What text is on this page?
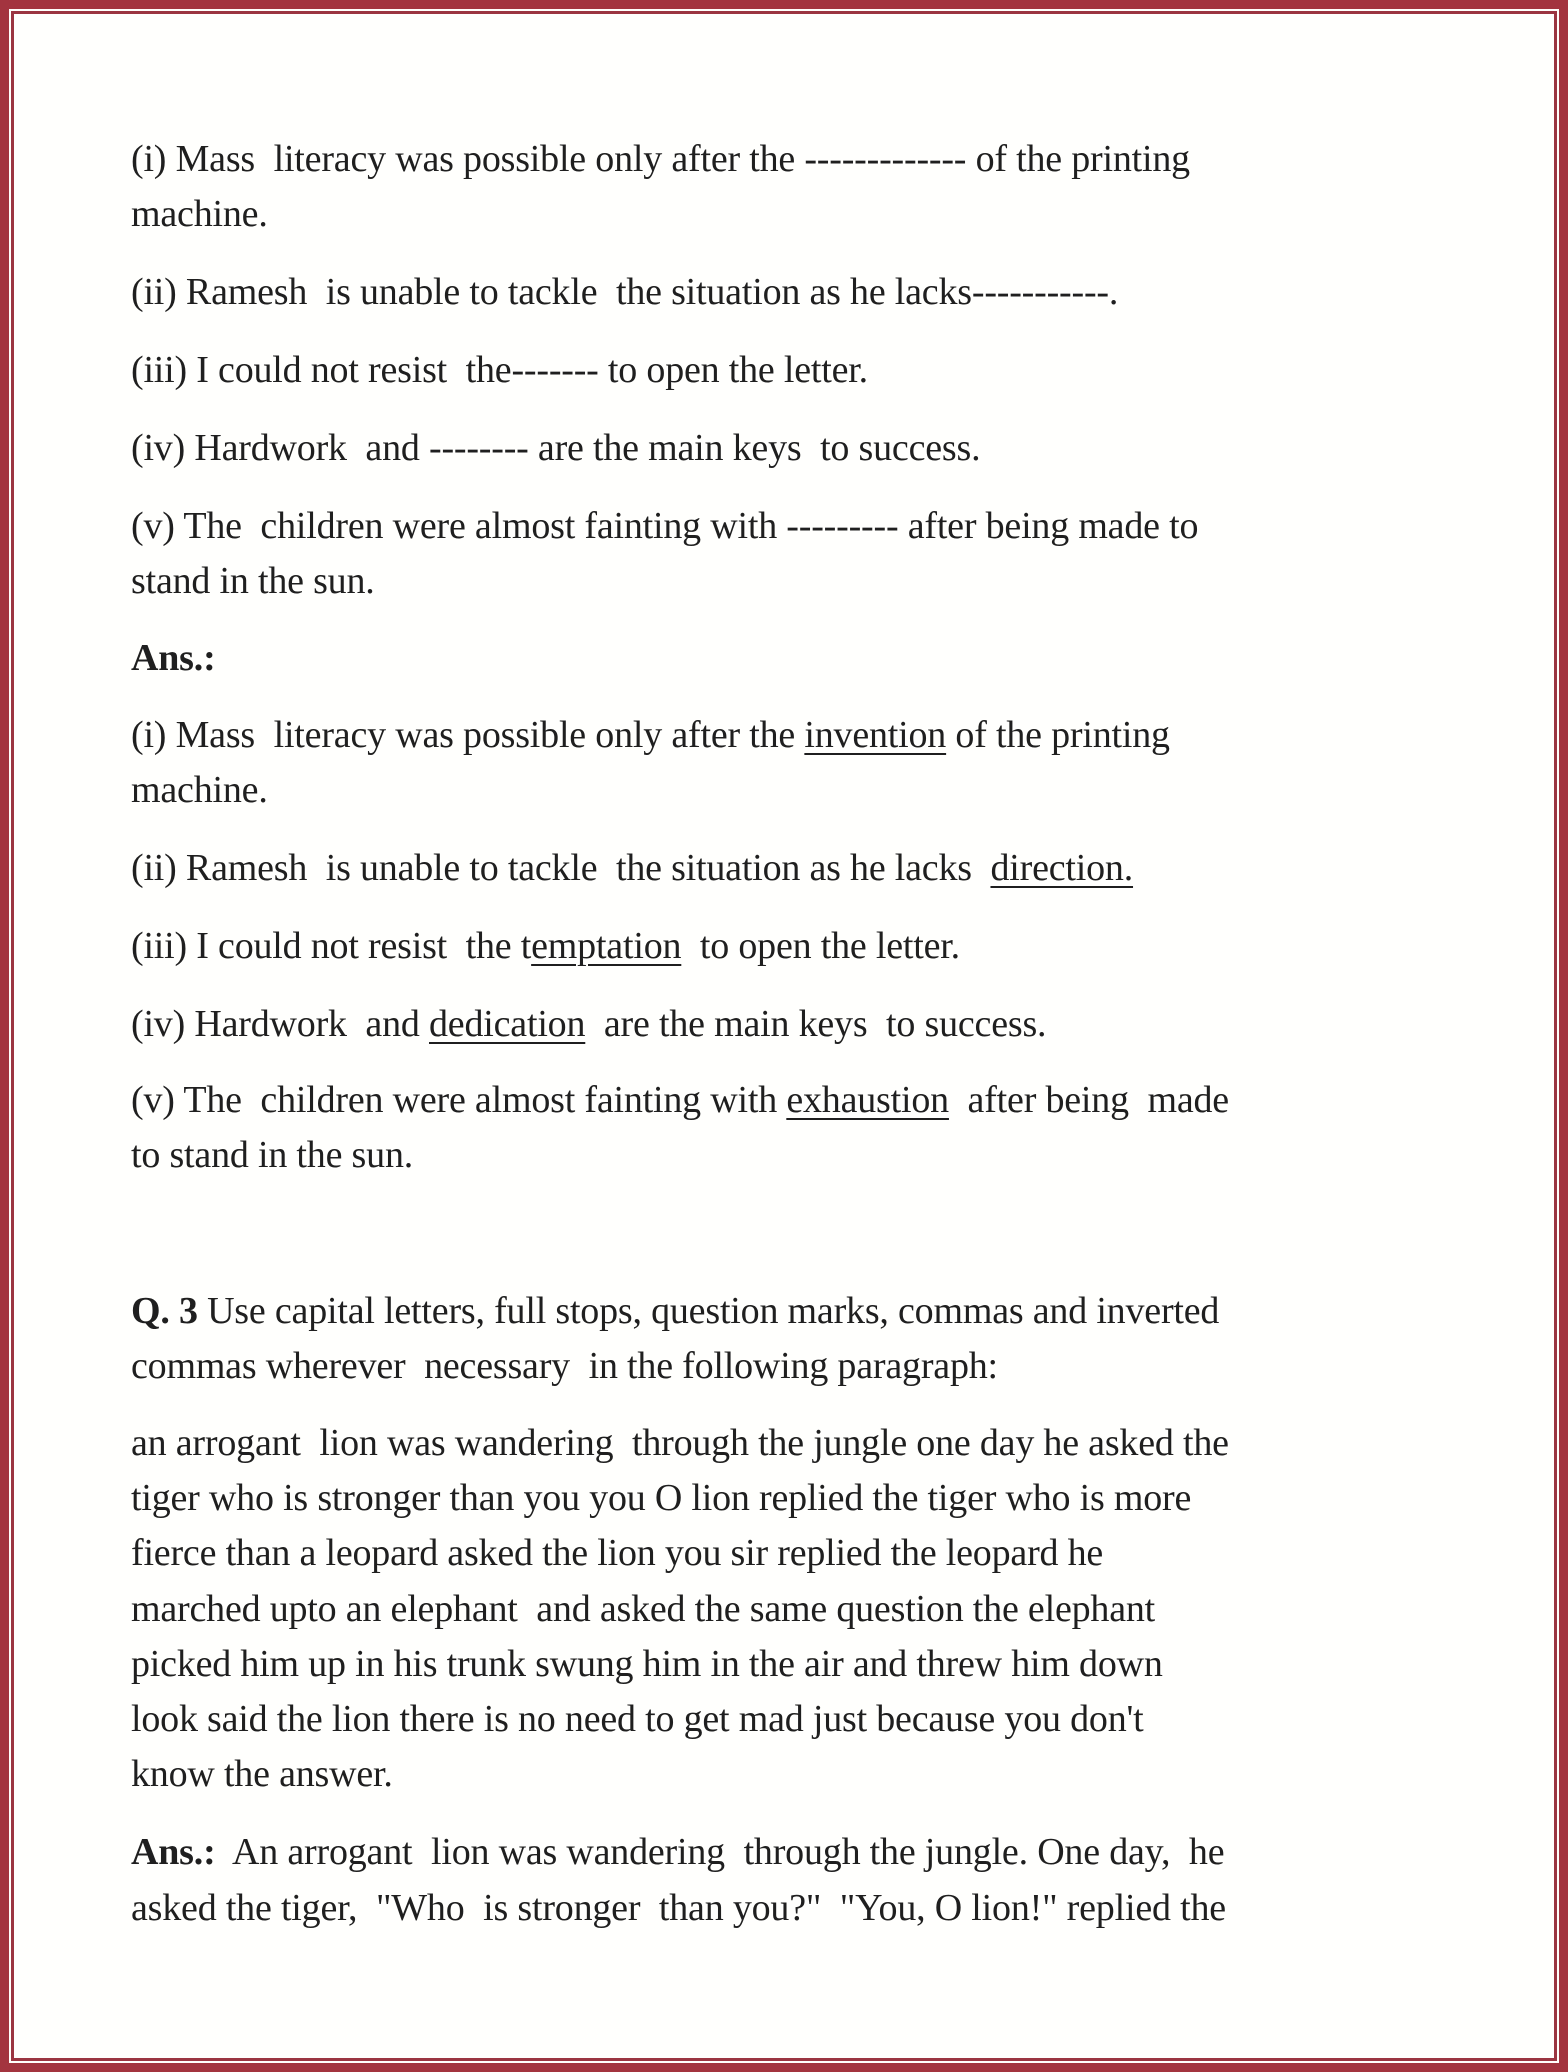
(i) Mass  literacy was possible only after the ------------- of the printing
machine.
(ii) Ramesh  is unable to tackle  the situation as he lacks-----------.
(iii) I could not resist  the------- to open the letter.
(iv) Hardwork  and -------- are the main keys  to success.
(v) The  children were almost fainting with --------- after being made to
stand in the sun.
Ans.:
(i) Mass  literacy was possible only after the invention of the printing
machine.
(ii) Ramesh  is unable to tackle  the situation as he lacks  direction.
(iii) I could not resist  the temptation  to open the letter.
(iv) Hardwork  and dedication  are the main keys  to success.
(v) The  children were almost fainting with exhaustion  after being  made
to stand in the sun.
Q. 3 Use capital letters, full stops, question marks, commas and inverted
commas wherever  necessary  in the following paragraph:
an arrogant  lion was wandering  through the jungle one day he asked the
tiger who is stronger than you you O lion replied the tiger who is more
fierce than a leopard asked the lion you sir replied the leopard he
marched upto an elephant  and asked the same question the elephant
picked him up in his trunk swung him in the air and threw him down
look said the lion there is no need to get mad just because you don't
know the answer.
Ans.:  An arrogant  lion was wandering  through the jungle. One day,  he
asked the tiger,  "Who  is stronger  than you?"  "You, O lion!" replied the
